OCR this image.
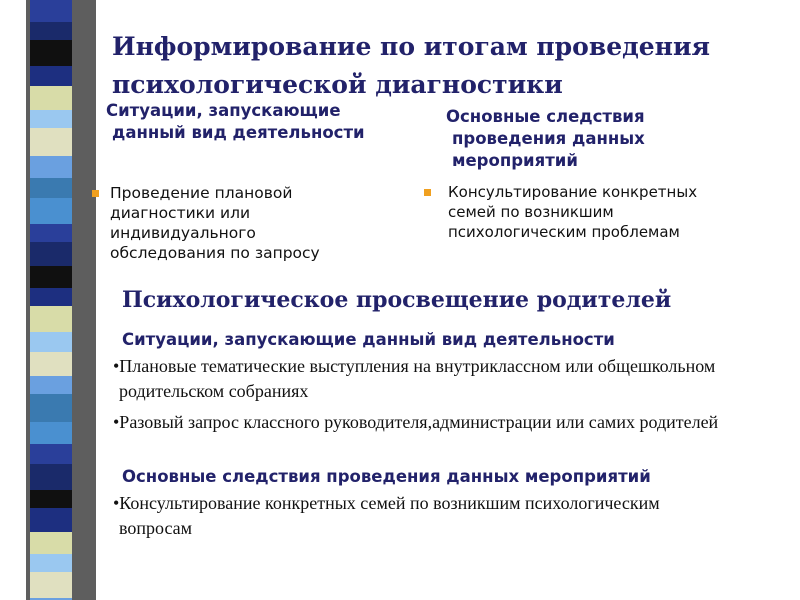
Информирование по итогам проведения психологической диагностики

Ситуации, запускающие данный вид деятельности

Проведение плановой диагностики или индивидуального обследования по запросу

Основные следствия проведения данных мероприятий

Консультирование конкретных семей по возникшим психологическим проблемам
Психологическое просвещение родителей

Ситуации, запускающие данный вид деятельности

•Плановые тематические выступления на внутриклассном или общешкольном родительском собраниях

•Разовый запрос классного руководителя,администрации или самих родителей

Основные следствия проведения данных мероприятий

•Консультирование конкретных семей по возникшим психологическим вопросам
